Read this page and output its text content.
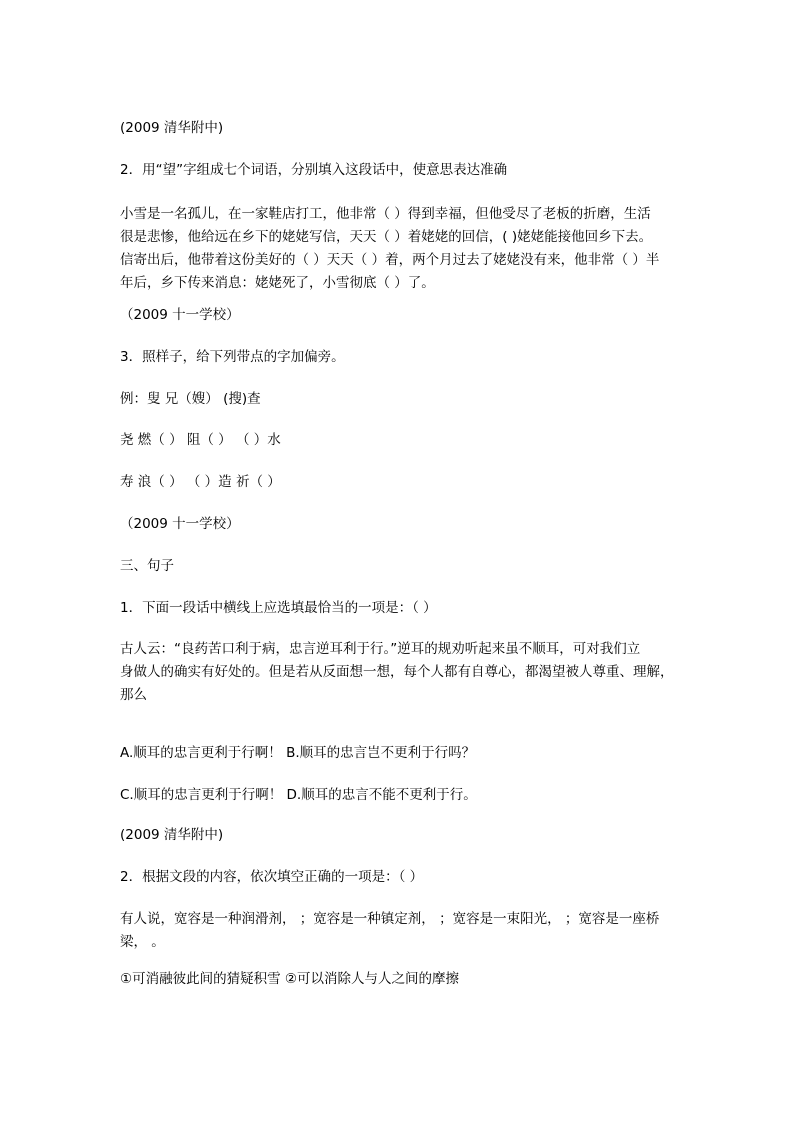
(2009 清华附中)

2．用“望”字组成七个词语，分别填入这段话中，使意思表达准确

小雪是一名孤儿，在一家鞋店打工，他非常（ ）得到幸福，但他受尽了老板的折磨，生活
很是悲惨，他给远在乡下的姥姥写信，天天（ ）着姥姥的回信，( )姥姥能接他回乡下去。
信寄出后，他带着这份美好的（ ）天天（ ）着，两个月过去了姥姥没有来，他非常（ ）半
年后，乡下传来消息：姥姥死了，小雪彻底（ ）了。

（2009 十一学校）

3．照样子，给下列带点的字加偏旁。

例：叟 兄（嫂） (搜)查

尧 燃（ ） 阻（ ） （ ）水

寿 浪（ ） （ ）造 祈（ ）

（2009 十一学校）

三、句子

1．下面一段话中横线上应选填最恰当的一项是：（ ）

古人云：“良药苦口利于病，忠言逆耳利于行。”逆耳的规劝听起来虽不顺耳，可对我们立
身做人的确实有好处的。但是若从反面想一想，每个人都有自尊心，都渴望被人尊重、理解，
那么

A.顺耳的忠言更利于行啊！ B.顺耳的忠言岂不更利于行吗？

C.顺耳的忠言更利于行啊！ D.顺耳的忠言不能不更利于行。

(2009 清华附中)

2．根据文段的内容，依次填空正确的一项是：（ ）

有人说，宽容是一种润滑剂， ；宽容是一种镇定剂， ；宽容是一束阳光， ；宽容是一座桥
梁， 。

①可消融彼此间的猜疑积雪 ②可以消除人与人之间的摩擦
